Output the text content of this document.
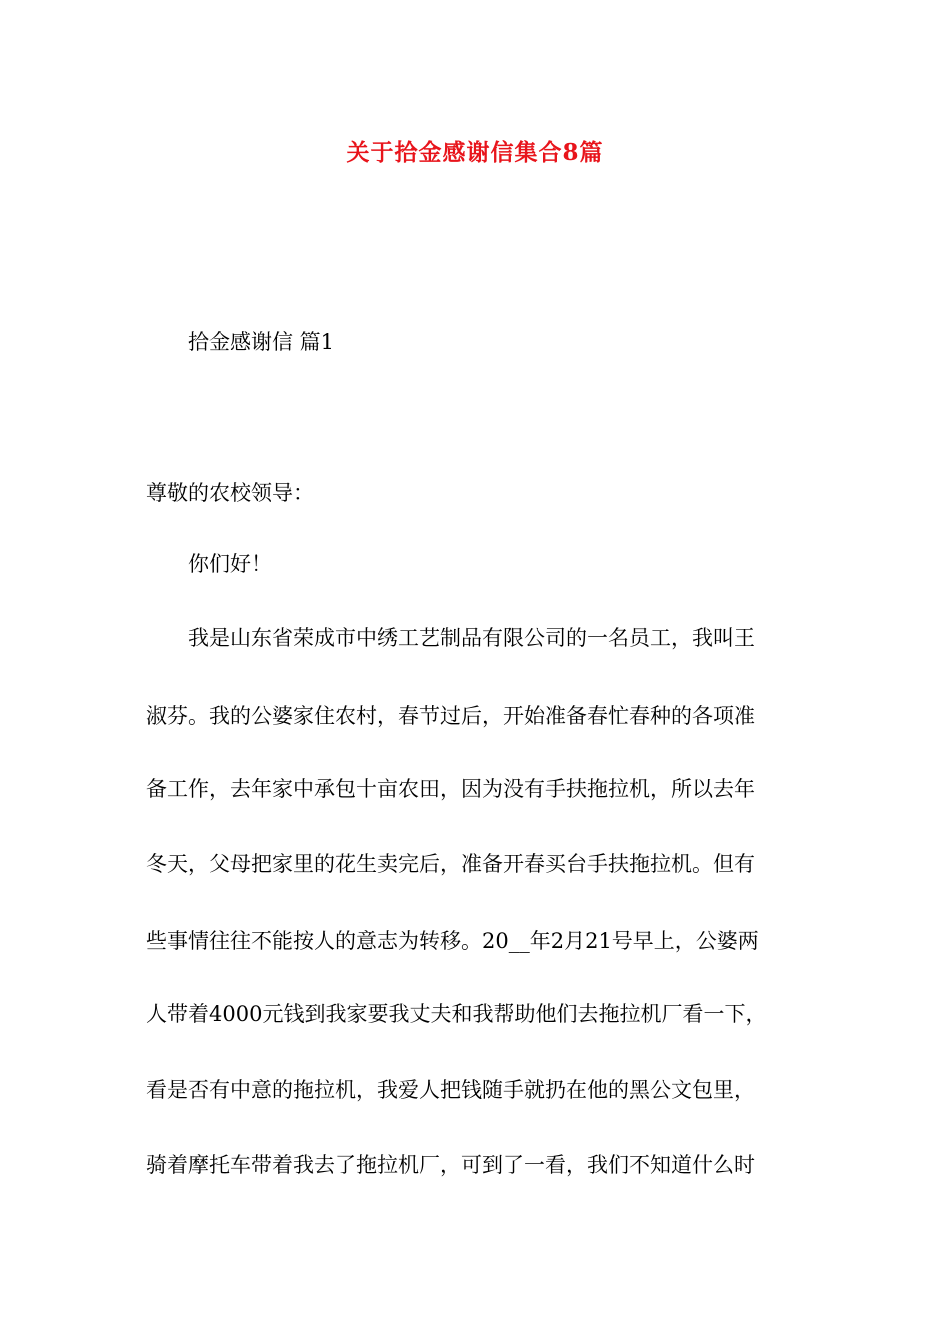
关于拾金感谢信集合8篇
拾金感谢信 篇1
尊敬的农校领导：
你们好！
我是山东省荣成市中绣工艺制品有限公司的一名员工，我叫王
淑芬。我的公婆家住农村，春节过后，开始准备春忙春种的各项准
备工作，去年家中承包十亩农田，因为没有手扶拖拉机，所以去年
冬天，父母把家里的花生卖完后，准备开春买台手扶拖拉机。但有
些事情往往不能按人的意志为转移。20__年2月21号早上，公婆两
人带着4000元钱到我家要我丈夫和我帮助他们去拖拉机厂看一下，
看是否有中意的拖拉机，我爱人把钱随手就扔在他的黑公文包里，
骑着摩托车带着我去了拖拉机厂，可到了一看，我们不知道什么时
